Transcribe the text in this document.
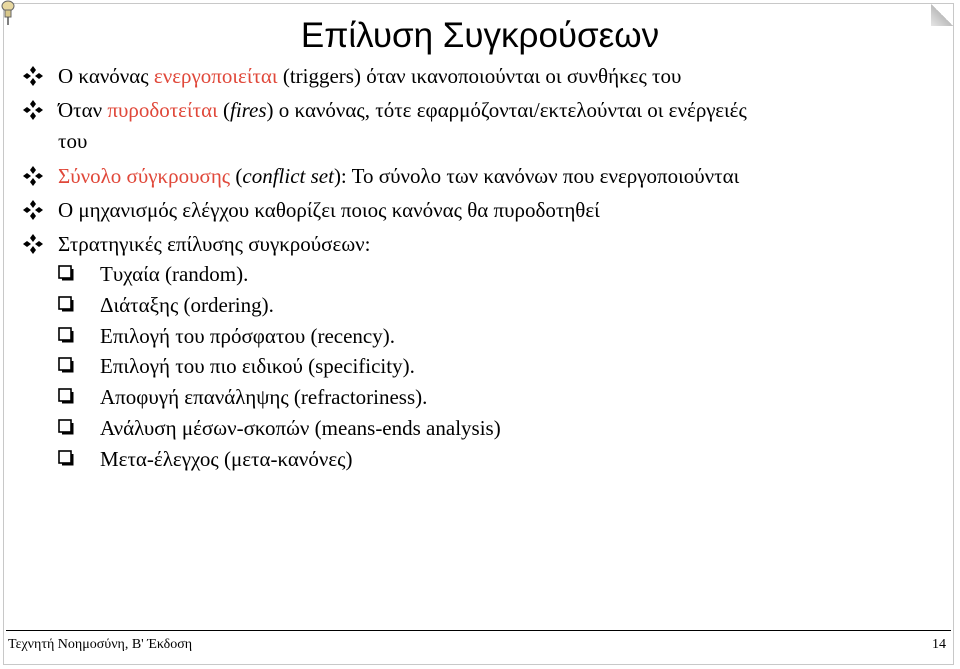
Επίλυση Συγκρούσεων
Ο κανόνας ενεργοποιείται (triggers) όταν ικανοποιούνται οι συνθήκες του
Όταν πυροδοτείται (fires) ο κανόνας, τότε εφαρμόζονται/εκτελούνται οι ενέργειές
του
Σύνολο σύγκρουσης (conflict set): Το σύνολο των κανόνων που ενεργοποιούνται
Ο μηχανισμός ελέγχου καθορίζει ποιος κανόνας θα πυροδοτηθεί
Στρατηγικές επίλυσης συγκρούσεων:
Τυχαία (random).
Διάταξης (ordering).
Επιλογή του πρόσφατου (recency).
Επιλογή του πιο ειδικού (specificity).
Αποφυγή επανάληψης (refractoriness).
Ανάλυση μέσων-σκοπών (means-ends analysis)
Μετα-έλεγχος (μετα-κανόνες)
Τεχνητή Νοημοσύνη, Β' Έκδοση	14
